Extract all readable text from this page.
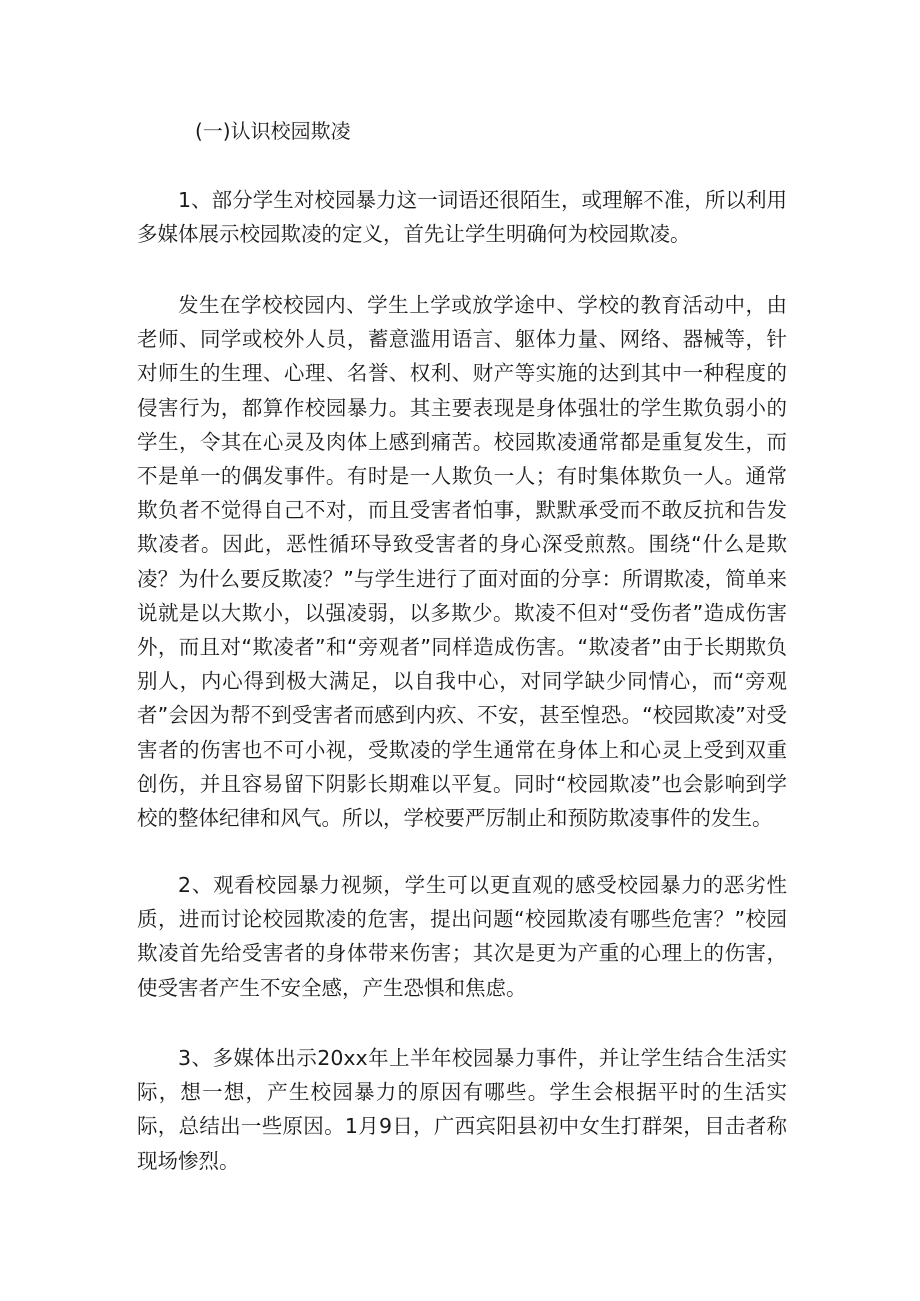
(一)认识校园欺凌

1、部分学生对校园暴力这一词语还很陌生，或理解不准，所以利用多媒体展示校园欺凌的定义，首先让学生明确何为校园欺凌。

发生在学校校园内、学生上学或放学途中、学校的教育活动中，由老师、同学或校外人员，蓄意滥用语言、躯体力量、网络、器械等，针对师生的生理、心理、名誉、权利、财产等实施的达到其中一种程度的侵害行为，都算作校园暴力。其主要表现是身体强壮的学生欺负弱小的学生，令其在心灵及肉体上感到痛苦。校园欺凌通常都是重复发生，而不是单一的偶发事件。有时是一人欺负一人；有时集体欺负一人。通常欺负者不觉得自己不对，而且受害者怕事，默默承受而不敢反抗和告发欺凌者。因此，恶性循环导致受害者的身心深受煎熬。围绕“什么是欺凌？为什么要反欺凌？”与学生进行了面对面的分享：所谓欺凌，简单来说就是以大欺小，以强凌弱，以多欺少。欺凌不但对“受伤者”造成伤害外，而且对“欺凌者”和“旁观者”同样造成伤害。“欺凌者”由于长期欺负别人，内心得到极大满足，以自我中心，对同学缺少同情心，而“旁观者”会因为帮不到受害者而感到内疚、不安，甚至惶恐。“校园欺凌”对受害者的伤害也不可小视，受欺凌的学生通常在身体上和心灵上受到双重创伤，并且容易留下阴影长期难以平复。同时“校园欺凌”也会影响到学校的整体纪律和风气。所以，学校要严厉制止和预防欺凌事件的发生。

2、观看校园暴力视频，学生可以更直观的感受校园暴力的恶劣性质，进而讨论校园欺凌的危害，提出问题“校园欺凌有哪些危害？”校园欺凌首先给受害者的身体带来伤害；其次是更为产重的心理上的伤害，使受害者产生不安全感，产生恐惧和焦虑。

3、多媒体出示20xx年上半年校园暴力事件，并让学生结合生活实际，想一想，产生校园暴力的原因有哪些。学生会根据平时的生活实际，总结出一些原因。1月9日，广西宾阳县初中女生打群架，目击者称现场惨烈。
